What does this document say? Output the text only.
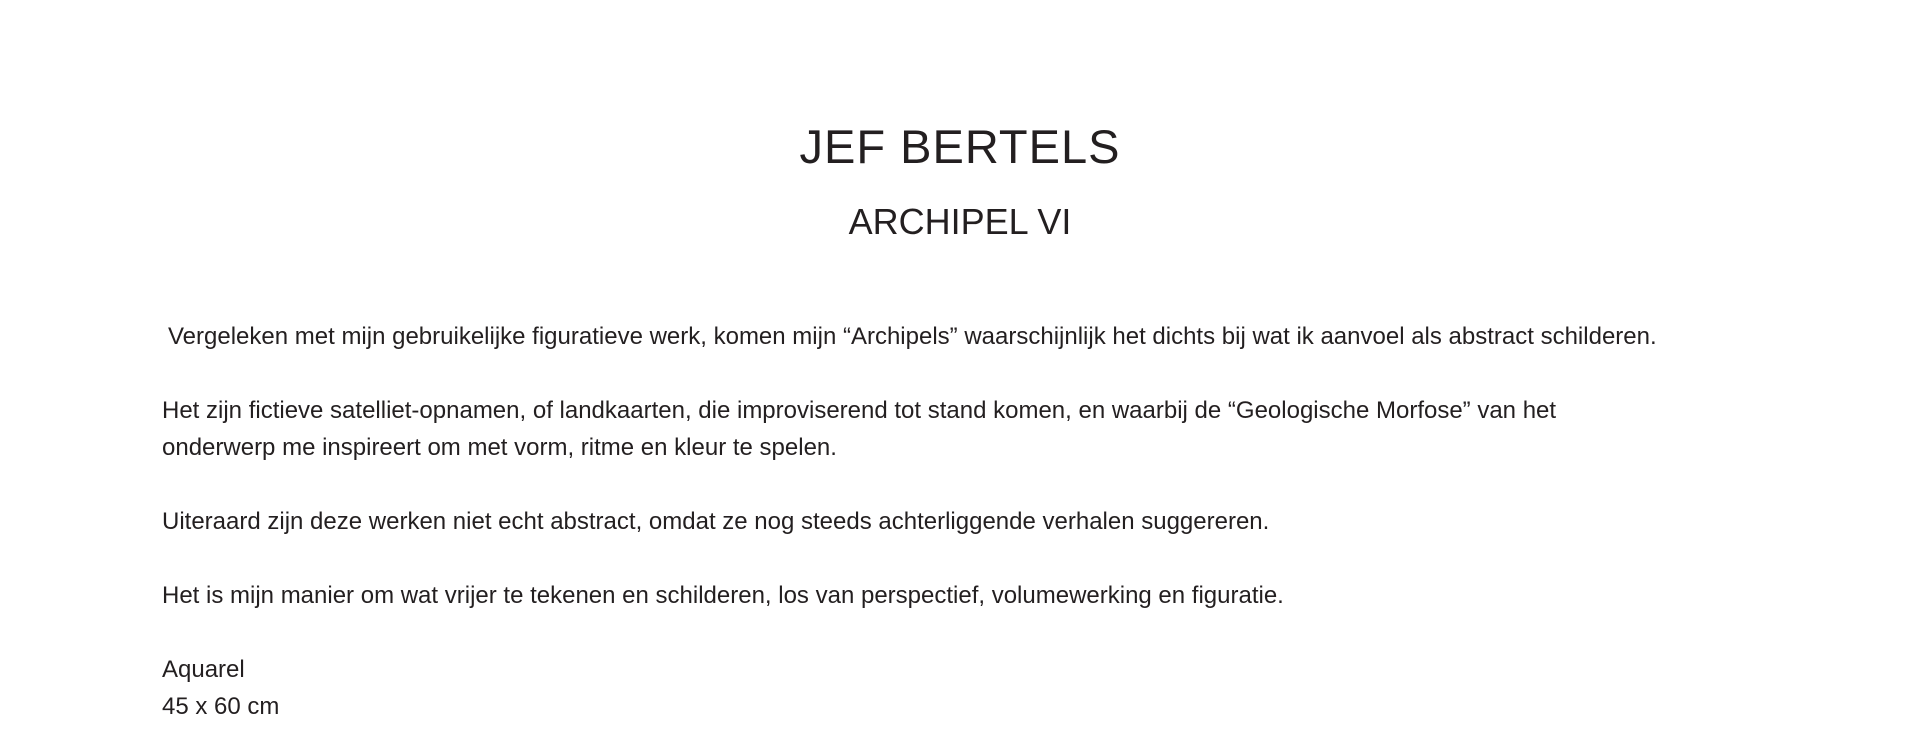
JEF BERTELS
ARCHIPEL VI

Vergeleken met mijn gebruikelijke figuratieve werk, komen mijn “Archipels” waarschijnlijk het dichts bij wat ik aanvoel als abstract schilderen.

Het zijn fictieve satelliet-opnamen, of landkaarten, die improviserend tot stand komen, en waarbij de “Geologische Morfose” van het
onderwerp me inspireert om met vorm, ritme en kleur te spelen.

Uiteraard zijn deze werken niet echt abstract, omdat ze nog steeds achterliggende verhalen suggereren.

Het is mijn manier om wat vrijer te tekenen en schilderen, los van perspectief, volumewerking en figuratie.

Aquarel
45 x 60 cm
